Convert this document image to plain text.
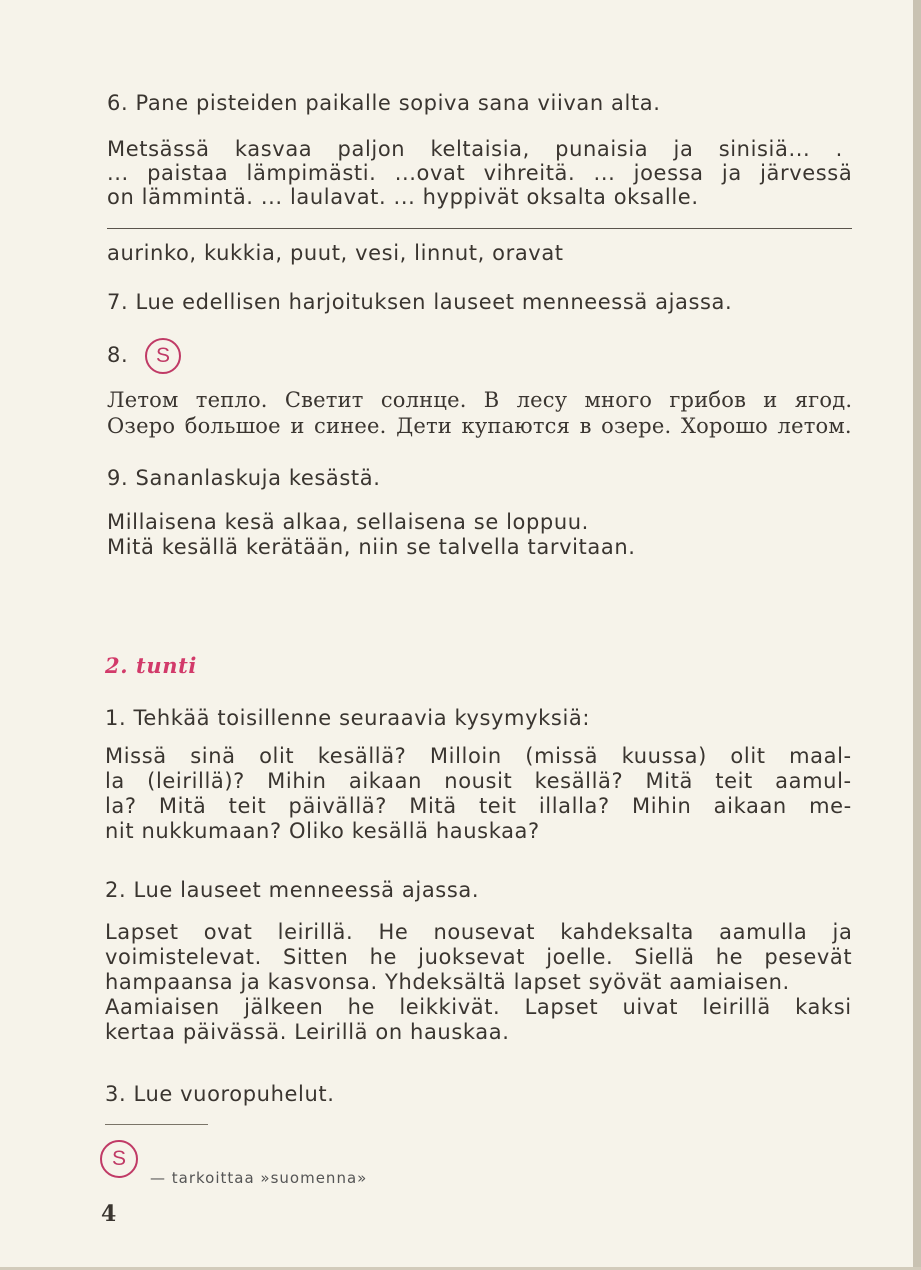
6. Pane pisteiden paikalle sopiva sana viivan alta.
Metsässä kasvaa paljon keltaisia, punaisia ja sinisiä... .
... paistaa lämpimästi. ...ovat vihreitä. ... joessa ja järvessä
on lämmintä. ... laulavat. ... hyppivät oksalta oksalle.
aurinko, kukkia, puut, vesi, linnut, oravat
7. Lue edellisen harjoituksen lauseet menneessä ajassa.
8.	S
Летом тепло. Светит солнце. В лесу много грибов и ягод.
Озеро большое и синее. Дети купаются в озере. Хорошо летом.
9. Sananlaskuja kesästä.
Millaisena kesä alkaa, sellaisena se loppuu.
Mitä kesällä kerätään, niin se talvella tarvitaan.
2. tunti
1. Tehkää toisillenne seuraavia kysymyksiä:
Missä sinä olit kesällä? Milloin (missä kuussa) olit maal-
la (leirillä)? Mihin aikaan nousit kesällä? Mitä teit aamul-
la? Mitä teit päivällä? Mitä teit illalla? Mihin aikaan me-
nit nukkumaan? Oliko kesällä hauskaa?
2. Lue lauseet menneessä ajassa.
Lapset ovat leirillä. He nousevat kahdeksalta aamulla ja
voimistelevat. Sitten he juoksevat joelle. Siellä he pesevät
hampaansa ja kasvonsa. Yhdeksältä lapset syövät aamiaisen.
Aamiaisen jälkeen he leikkivät. Lapset uivat leirillä kaksi
kertaa päivässä. Leirillä on hauskaa.
3. Lue vuoropuhelut.
S
— tarkoittaa »suomenna»
4
